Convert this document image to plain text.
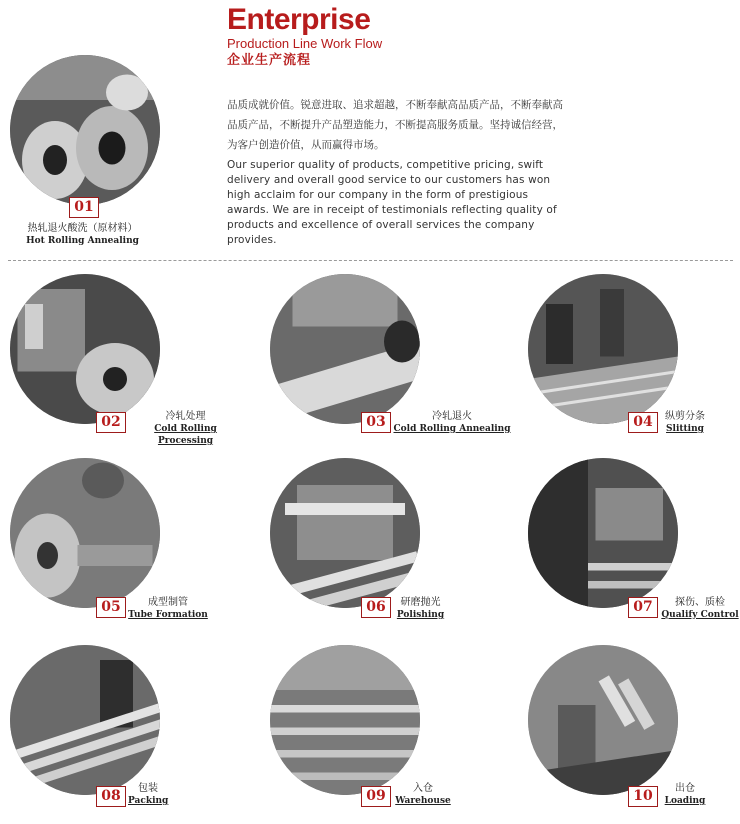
Enterprise
Production Line Work Flow
企业生产流程
品质成就价值。锐意进取、追求超越，不断奉献高品质产品，不断奉献高品质产品，不断提升产品塑造能力，不断提高服务质量。坚持诚信经营，为客户创造价值，从而赢得市场。
Our superior quality of products, competitive pricing, swift delivery and overall good service to our customers has won high acclaim for our company in the form of prestigious awards. We are in receipt of testimonials reflecting quality of products and excellence of overall services the company provides.
01
热轧退火酸洗（原材料）
Hot Rolling Annealing
02	冷轧处理
Cold Rolling Processing
03	冷轧退火
Cold Rolling Annealing	04	纵剪分条
Slitting
05	成型制管
Tube Formation	06	研磨抛光
Polishing	07	探伤、质检
Qualify Control
08	包装
Packing	09	入仓
Warehouse	10	出仓
Loading
